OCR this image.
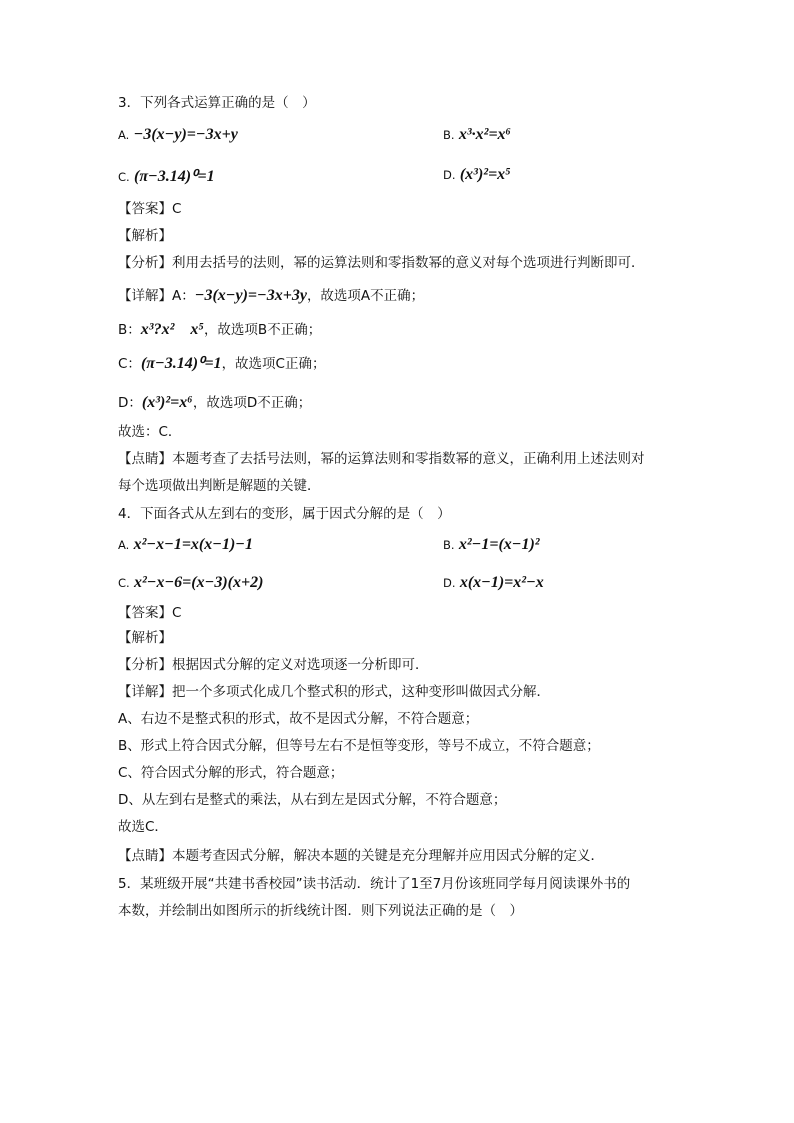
3．下列各式运算正确的是（　）
A. −3(x−y)=−3x+y	B. x³·x²=x⁶
C. (π−3.14)⁰=1	D. (x³)²=x⁵
【答案】C
【解析】
【分析】利用去括号的法则，幂的运算法则和零指数幂的意义对每个选项进行判断即可．
【详解】A：−3(x−y)=−3x+3y，故选项A不正确；
B：x³?x²　x⁵，故选项B不正确；
C：(π−3.14)⁰=1，故选项C正确；
D：(x³)²=x⁶，故选项D不正确；
故选：C．
【点睛】本题考查了去括号法则，幂的运算法则和零指数幂的意义，正确利用上述法则对
每个选项做出判断是解题的关键．
4．下面各式从左到右的变形，属于因式分解的是（　）
A. x²−x−1=x(x−1)−1	B. x²−1=(x−1)²
C. x²−x−6=(x−3)(x+2)	D. x(x−1)=x²−x
【答案】C
【解析】
【分析】根据因式分解的定义对选项逐一分析即可．
【详解】把一个多项式化成几个整式积的形式，这种变形叫做因式分解．
A、右边不是整式积的形式，故不是因式分解，不符合题意；
B、形式上符合因式分解，但等号左右不是恒等变形，等号不成立，不符合题意；
C、符合因式分解的形式，符合题意；
D、从左到右是整式的乘法，从右到左是因式分解，不符合题意；
故选C．
【点睛】本题考查因式分解，解决本题的关键是充分理解并应用因式分解的定义．
5．某班级开展“共建书香校园”读书活动．统计了1至7月份该班同学每月阅读课外书的
本数，并绘制出如图所示的折线统计图．则下列说法正确的是（　）
